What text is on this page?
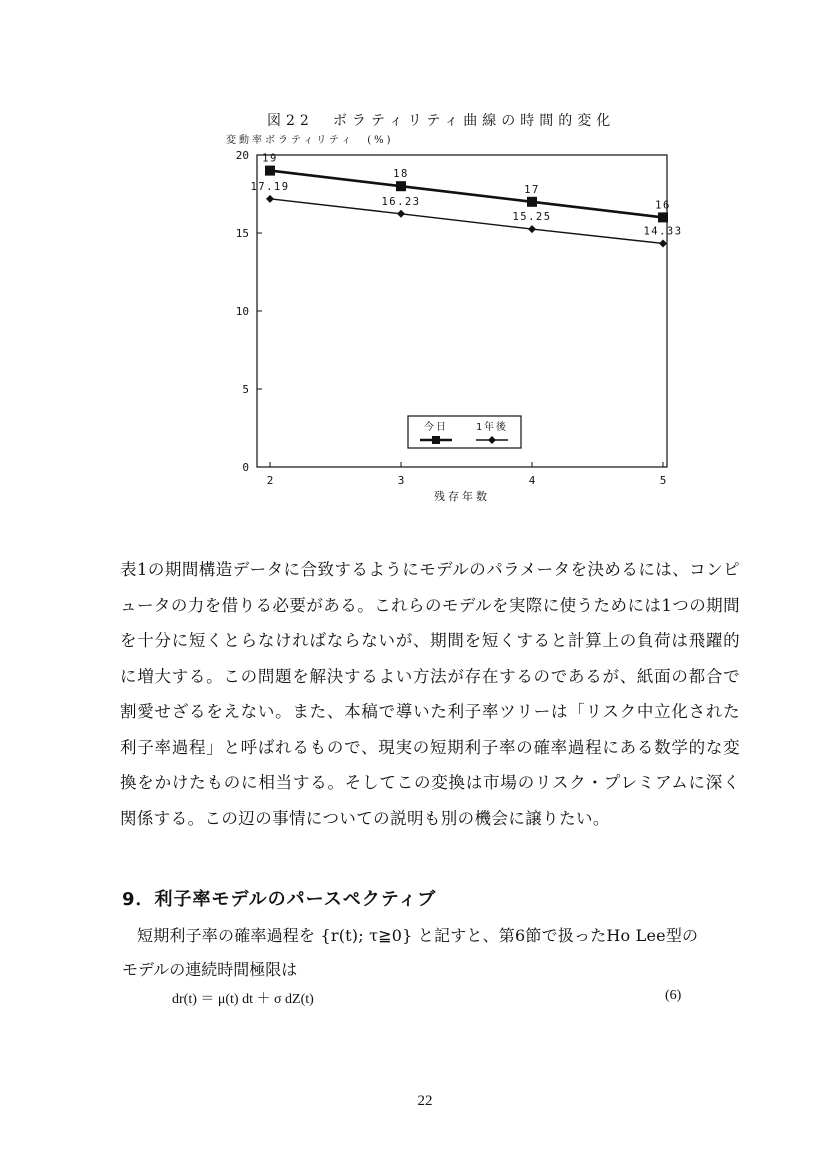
図22　ボラティリティ曲線の時間的変化
変動率ボラティリティ　(%)
0
5
10
15
20
2	3	4	5
19
18
17
16
17.19
16.23
15.25
14.33
今日	1年後
残存年数
表1の期間構造データに合致するようにモデルのパラメータを決めるには、コンピュータの力を借りる必要がある。これらのモデルを実際に使うためには1つの期間を十分に短くとらなければならないが、期間を短くすると計算上の負荷は飛躍的に増大する。この問題を解決するよい方法が存在するのであるが、紙面の都合で割愛せざるをえない。また、本稿で導いた利子率ツリーは「リスク中立化された利子率過程」と呼ばれるもので、現実の短期利子率の確率過程にある数学的な変換をかけたものに相当する。そしてこの変換は市場のリスク・プレミアムに深く関係する。この辺の事情についての説明も別の機会に譲りたい。
9．利子率モデルのパースペクティブ
短期利子率の確率過程を {r(t); τ≧0} と記すと、第6節で扱ったHo Lee型の
モデルの連続時間極限は
dr(t) ＝ μ(t) dt ＋ σ dZ(t)	(6)
22
